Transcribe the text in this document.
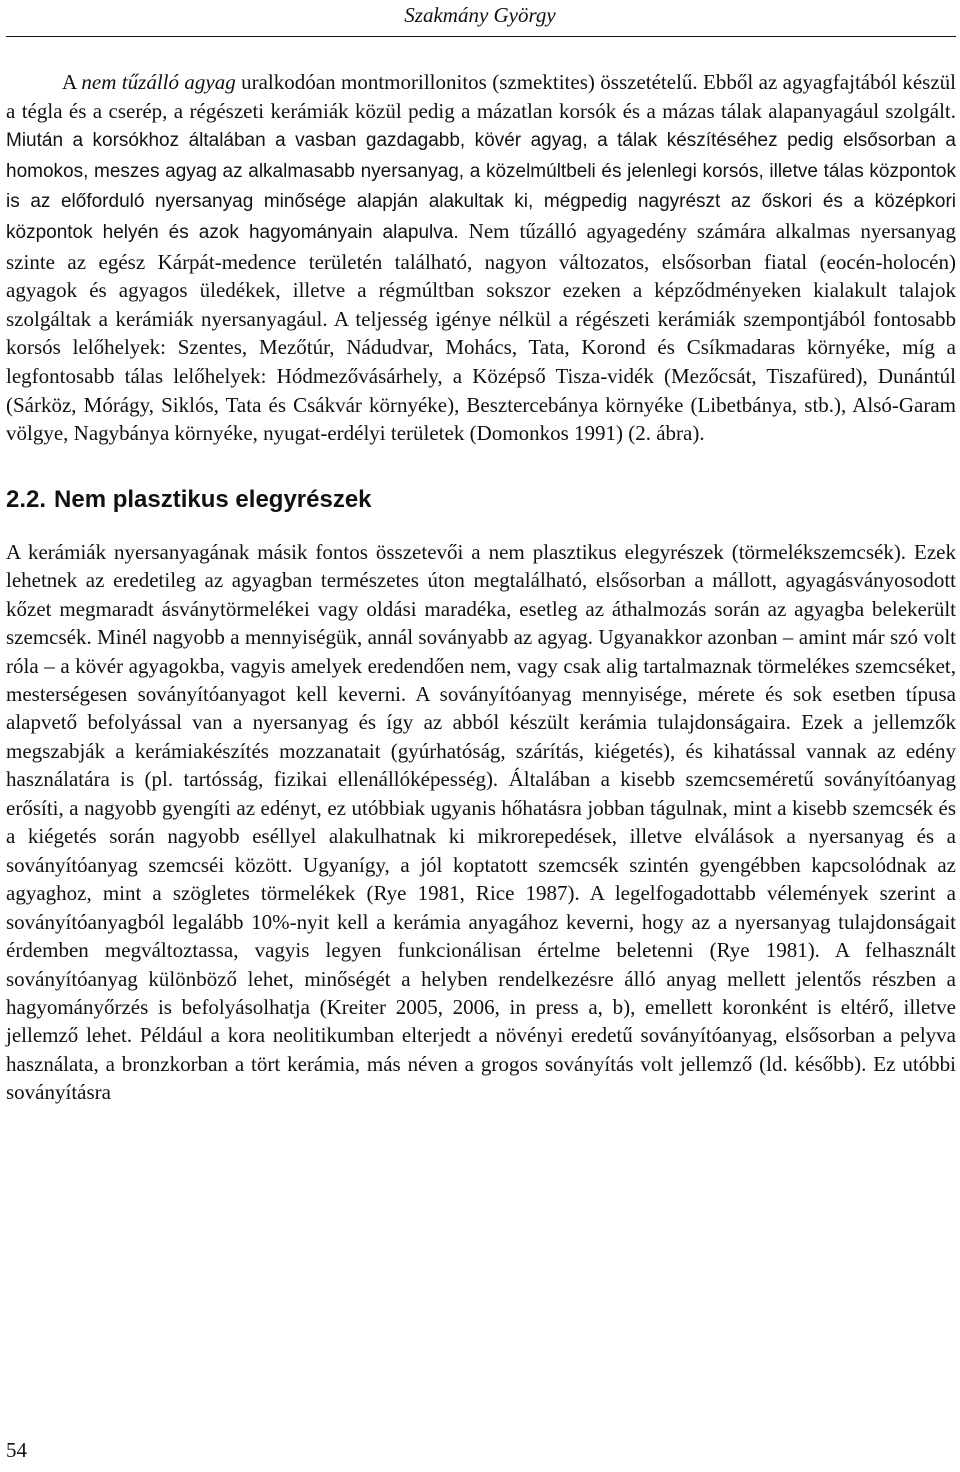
Szakmány György

A nem tűzálló agyag uralkodóan montmorillonitos (szmektites) összetételű. Ebből az agyagfajtából készül a tégla és a cserép, a régészeti kerámiák közül pedig a mázatlan korsók és a mázas tálak alapanyagául szolgált. Miután a korsókhoz általában a vasban gazdagabb, kövér agyag, a tálak készítéséhez pedig elsősorban a homokos, meszes agyag az alkalmasabb nyersanyag, a közelmúltbeli és jelenlegi korsós, illetve tálas központok is az előforduló nyersanyag minősége alapján alakultak ki, mégpedig nagyrészt az őskori és a középkori központok helyén és azok hagyományain alapulva. Nem tűzálló agyagedény számára alkalmas nyersanyag szinte az egész Kárpát-medence területén található, nagyon változatos, elsősorban fiatal (eocén-holocén) agyagok és agyagos üledékek, illetve a régmúltban sokszor ezeken a képződményeken kialakult talajok szolgáltak a kerámiák nyersanyagául. A teljesség igénye nélkül a régészeti kerámiák szempontjából fontosabb korsós lelőhelyek: Szentes, Mezőtúr, Nádudvar, Mohács, Tata, Korond és Csíkmadaras környéke, míg a legfontosabb tálas lelőhelyek: Hódmezővásárhely, a Középső Tisza-vidék (Mezőcsát, Tiszafüred), Dunántúl (Sárköz, Mórágy, Siklós, Tata és Csákvár környéke), Besztercebánya környéke (Libetbánya, stb.), Alsó-Garam völgye, Nagybánya környéke, nyugat-erdélyi területek (Domonkos 1991) (2. ábra).

2.2. Nem plasztikus elegyrészek

A kerámiák nyersanyagának másik fontos összetevői a nem plasztikus elegyrészek (törmelékszemcsék). Ezek lehetnek az eredetileg az agyagban természetes úton megtalálható, elsősorban a mállott, agyagásványosodott kőzet megmaradt ásványtörmelékei vagy oldási maradéka, esetleg az áthalmozás során az agyagba belekerült szemcsék. Minél nagyobb a mennyiségük, annál soványabb az agyag. Ugyanakkor azonban – amint már szó volt róla – a kövér agyagokba, vagyis amelyek eredendően nem, vagy csak alig tartalmaznak törmelékes szemcséket, mesterségesen soványítóanyagot kell keverni. A soványítóanyag mennyisége, mérete és sok esetben típusa alapvető befolyással van a nyersanyag és így az abból készült kerámia tulajdonságaira. Ezek a jellemzők megszabják a kerámiakészítés mozzanatait (gyúrhatóság, szárítás, kiégetés), és kihatással vannak az edény használatára is (pl. tartósság, fizikai ellenállóképesség). Általában a kisebb szemcseméretű soványítóanyag erősíti, a nagyobb gyengíti az edényt, ez utóbbiak ugyanis hőhatásra jobban tágulnak, mint a kisebb szemcsék és a kiégetés során nagyobb eséllyel alakulhatnak ki mikrorepedések, illetve elválások a nyersanyag és a soványítóanyag szemcséi között. Ugyanígy, a jól koptatott szemcsék szintén gyengébben kapcsolódnak az agyaghoz, mint a szögletes törmelékek (Rye 1981, Rice 1987). A legelfogadottabb vélemények szerint a soványítóanyagból legalább 10%-nyit kell a kerámia anyagához keverni, hogy az a nyersanyag tulajdonságait érdemben megváltoztassa, vagyis legyen funkcionálisan értelme beletenni (Rye 1981). A felhasznált soványítóanyag különböző lehet, minőségét a helyben rendelkezésre álló anyag mellett jelentős részben a hagyományőrzés is befolyásolhatja (Kreiter 2005, 2006, in press a, b), emellett koronként is eltérő, illetve jellemző lehet. Például a kora neolitikumban elterjedt a növényi eredetű soványítóanyag, elsősorban a pelyva használata, a bronzkorban a tört kerámia, más néven a grogos soványítás volt jellemző (ld. később). Ez utóbbi soványításra

54
